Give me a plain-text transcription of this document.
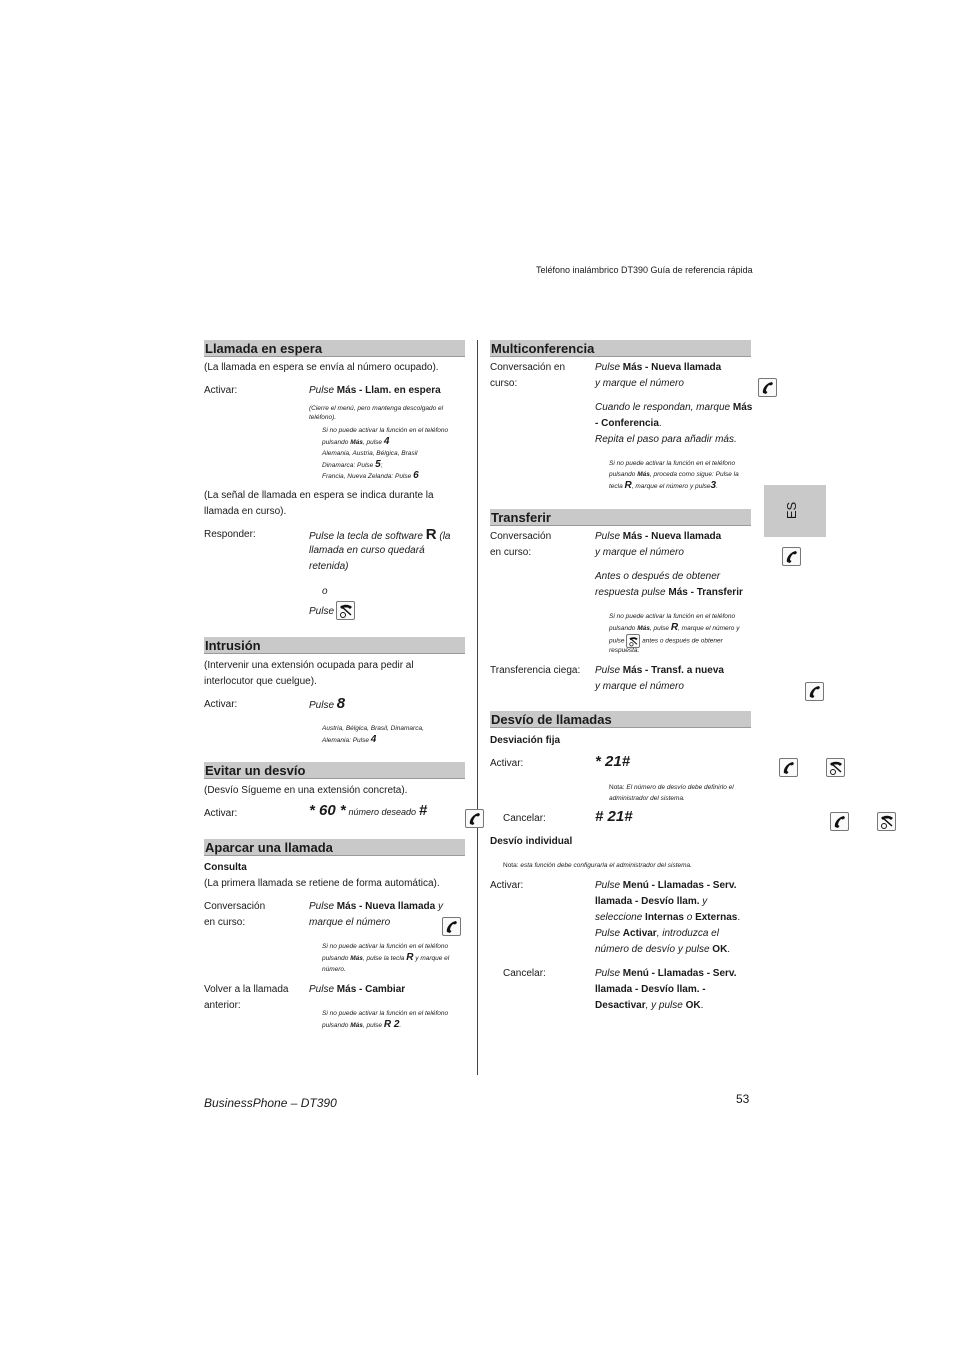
Teléfono inalámbrico DT390 Guía de referencia rápida
ES
Llamada en espera
(La llamada en espera se envía al número ocupado).
Activar:	Pulse Más - Llam. en espera
(Cierre el menú, pero mantenga descolgado el teléfono).
Si no puede activar la función en el teléfono
pulsando Más, pulse 4
Alemania, Austria, Bélgica, Brasil
Dinamarca: Pulse 5;
Francia, Nueva Zelanda: Pulse 6
(La señal de llamada en espera se indica durante la
llamada en curso).
Responder:	Pulse la tecla de software R (la
llamada en curso quedará
retenida)
o
Pulse

Intrusión
(Intervenir una extensión ocupada para pedir al
interlocutor que cuelgue).
Activar:	Pulse 8
Austria, Bélgica, Brasil, Dinamarca,
Alemania: Pulse 4
Evitar un desvío
(Desvío Sígueme en una extensión concreta).
Activar:	* 60 * número deseado #

Aparcar una llamada
Consulta
(La primera llamada se retiene de forma automática).
Conversación
en curso:
Pulse Más - Nueva llamada y
marque el número

Si no puede activar la función en el teléfono
pulsando Más, pulse la tecla R y marque el
número.
Volver a la llamada
anterior:
Pulse Más - Cambiar
Si no puede activar la función en el teléfono
pulsando Más, pulse R 2.
Multiconferencia
Conversación en
curso:
Pulse Más - Nueva llamada
y marque el número

Cuando le respondan, marque Más
- Conferencia.
Repita el paso para añadir más.
Si no puede activar la función en el teléfono
pulsando Más, proceda como sigue: Pulse la
tecla R, marque el número y pulse3.
Transferir
Conversación
en curso:
Pulse Más - Nueva llamada
y marque el número

Antes o después de obtener
respuesta pulse Más - Transferir
Si no puede activar la función en el teléfono
pulsando Más, pulse R, marque el número y
pulse	antes o después de obtener
respuesta.
Transferencia ciega: Pulse Más - Transf. a nueva
y marque el número

Desvío de llamadas
Desviación fija
Activar:	* 21#

Nota: El número de desvío debe definirlo el
administrador del sistema.
Cancelar:	# 21#

Desvío individual
Nota: esta función debe configurarla el administrador del sistema.
Activar:	Pulse Menú - Llamadas - Serv.
llamada - Desvío llam. y
seleccione Internas o Externas.
Pulse Activar, introduzca el
número de desvío y pulse OK.
Cancelar:	Pulse Menú - Llamadas - Serv.
llamada - Desvío llam. -
Desactivar, y pulse OK.
BusinessPhone – DT390	53
